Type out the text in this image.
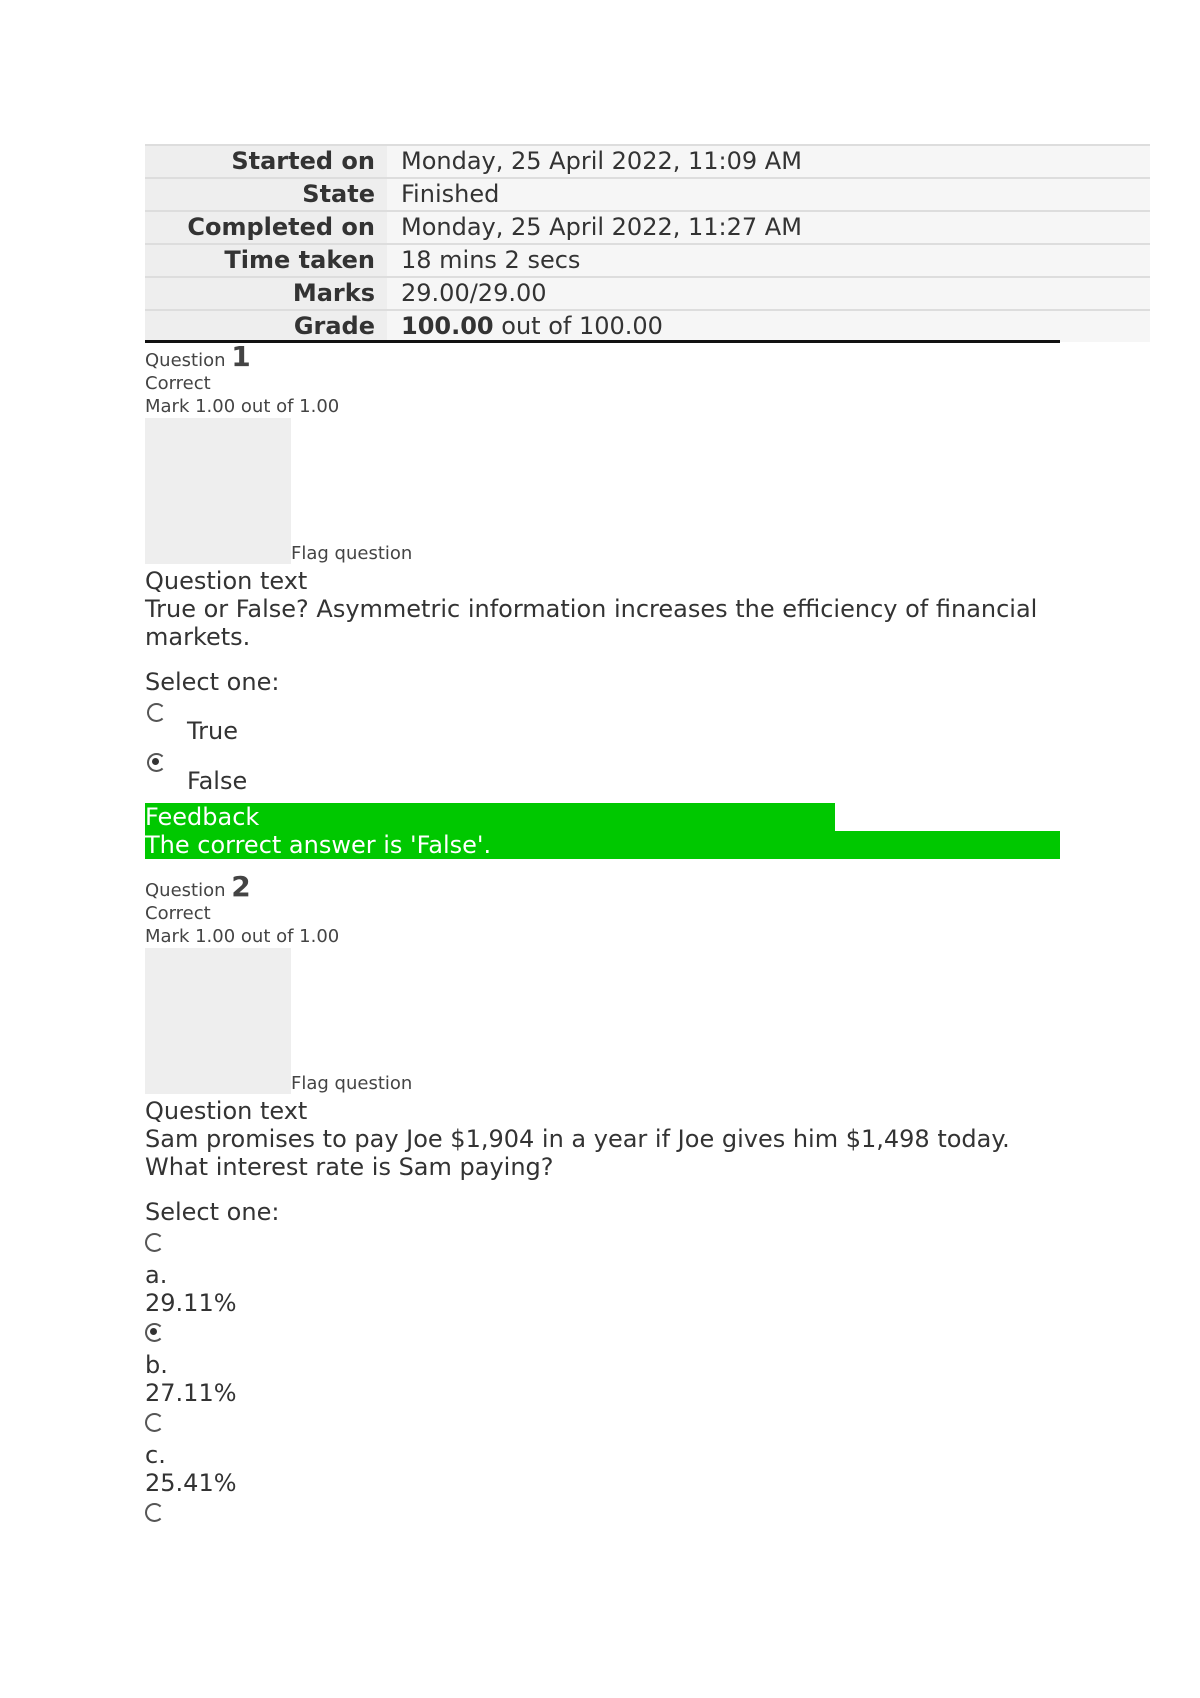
Started on	Monday, 25 April 2022, 11:09 AM
State	Finished
Completed on	Monday, 25 April 2022, 11:27 AM
Time taken	18 mins 2 secs
Marks	29.00/29.00
Grade	100.00 out of 100.00
Question 1
Correct
Mark 1.00 out of 1.00
Flag question
Question text
True or False? Asymmetric information increases the efficiency of financial markets.
Select one:
True
False
Feedback
The correct answer is 'False'.
Question 2
Correct
Mark 1.00 out of 1.00
Flag question
Question text
Sam promises to pay Joe $1,904 in a year if Joe gives him $1,498 today. What interest rate is Sam paying?
Select one:
a.
29.11%
b.
27.11%
c.
25.41%
